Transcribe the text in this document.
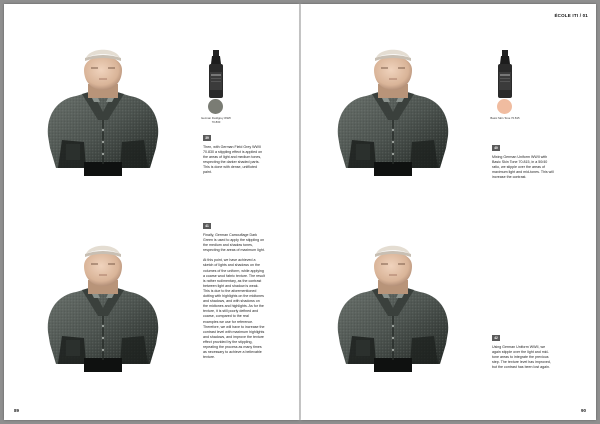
German Fieldgrey WWII 70.830
39

Then, with German Field Grey WWII 70.830 a stippling effect is applied on the areas of light and medium tones, respecting the darker shaded parts. This is done with dense, unifiloted paint.

41

Finally, German Camouflage Dark Green is used to apply the stippling on the medium and shadow tones, respecting the areas of maximum light.

At this point, we have achieved a sketch of lights and shadows on the volumes of the uniform, while applying a coarse wool fabric texture. The result is rather rudimentary, as the contrast between light and shadow is weak. This is due to the aforementioned dotting with highlights on the midtones and shadows, and with shadows on the midtones and highlights. As for the texture, it is still poorly defined and coarse, compared to the real examples we use for reference. Therefore, we will have to increase the contrast level with maximum highlights and shadows, and improve the texture effect provided by the stippling, repeating the process as many times as necessary to achieve a believable texture.

89
ÉCOLE ITI / 01
Basic Skin Tone 70.815
40

Mixing German Uniform WWII with Basic Skin Tone 70.815, in a 50/40 ratio, we stipple over the areas of maximum light and mid-tones. This will increase the contrast.

42

Using German Uniform WWII, we again stipple over the light and mid-tone areas to integrate the previous step. The texture level has improved, but the contrast has been lost again.

90
